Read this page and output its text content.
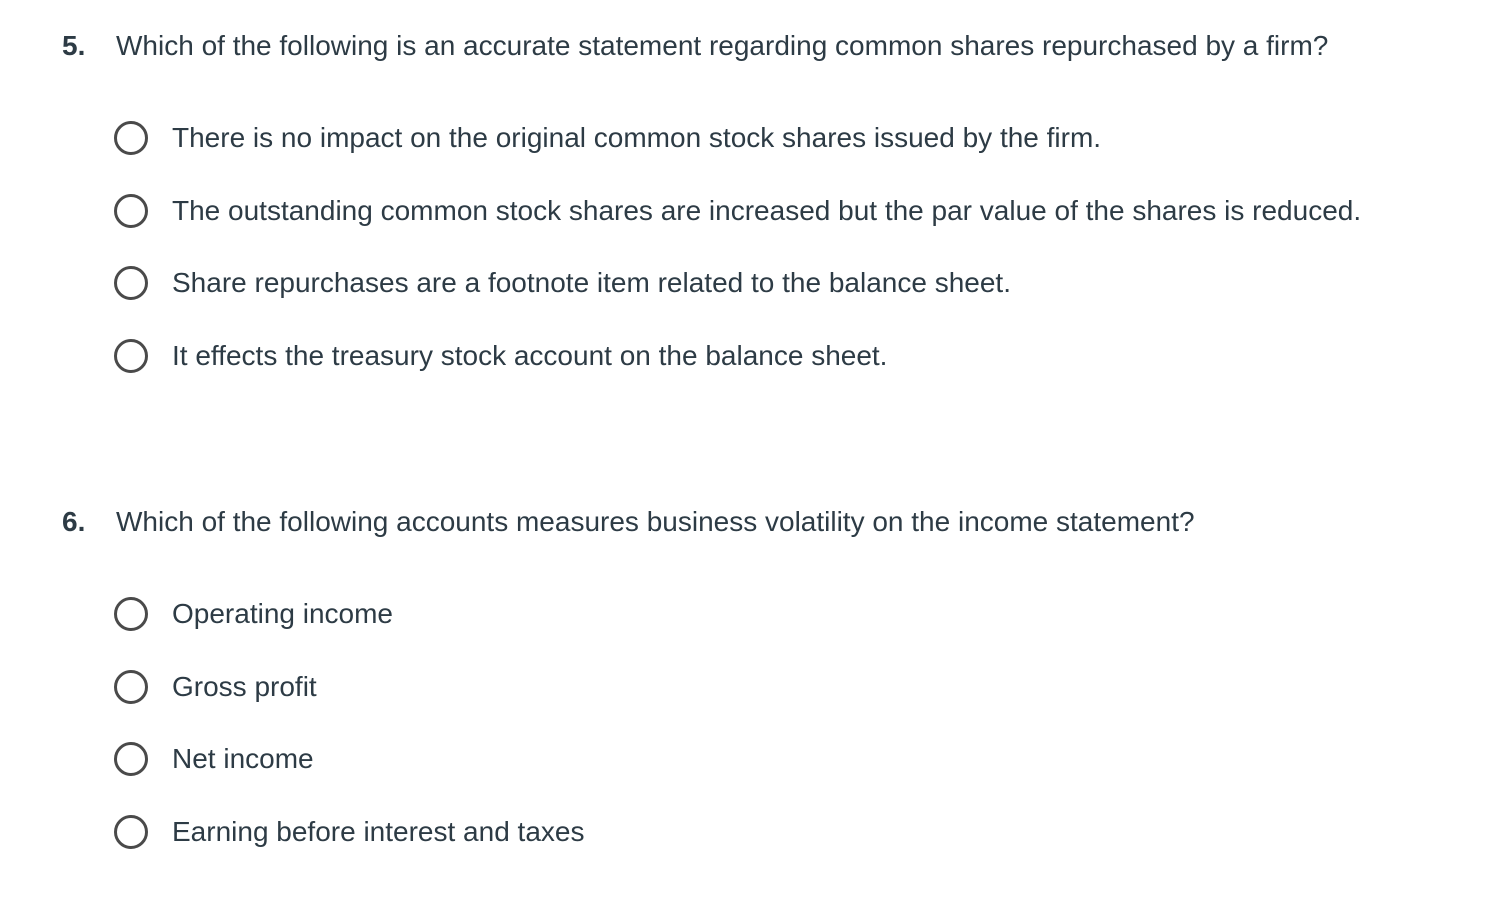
5.	Which of the following is an accurate statement regarding common shares repurchased by a firm?
There is no impact on the original common stock shares issued by the firm.
The outstanding common stock shares are increased but the par value of the shares is reduced.
Share repurchases are a footnote item related to the balance sheet.
It effects the treasury stock account on the balance sheet.
6.	Which of the following accounts measures business volatility on the income statement?
Operating income
Gross profit
Net income
Earning before interest and taxes
